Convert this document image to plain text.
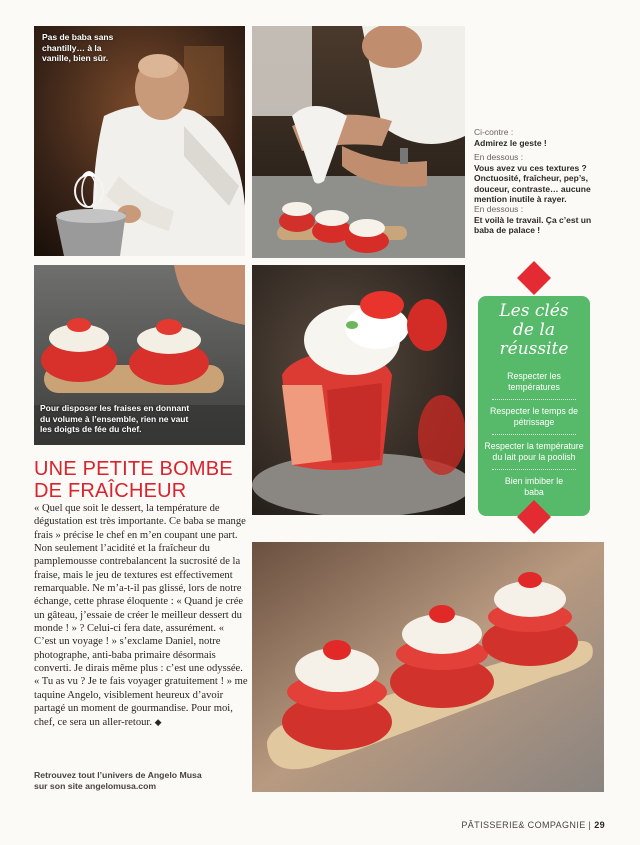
Pas de baba sans chantilly… à la vanille, bien sûr.
Ci-contre :
Admirez le geste !
En dessous :
Vous avez vu ces textures ? Onctuosité, fraîcheur, pep’s, douceur, contraste… aucune mention inutile à rayer.
En dessous :
Et voilà le travail. Ça c’est un baba de palace !
Pour disposer les fraises en donnant du volume à l’ensemble, rien ne vaut les doigts de fée du chef.
Les clés
de la réussite
Respecter les températures
Respecter le temps de pétrissage
Respecter la température du lait pour la poolish
Bien imbiber le baba
UNE PETITE BOMBE
DE FRAÎCHEUR
« Quel que soit le dessert, la température de dégustation est très importante. Ce baba se mange frais » précise le chef en m’en coupant une part. Non seulement l’acidité et la fraîcheur du pamplemousse contrebalancent la sucrosité de la fraise, mais le jeu de textures est effectivement remarquable. Ne m’a-t-il pas glissé, lors de notre échange, cette phrase éloquente : « Quand je crée un gâteau, j’essaie de créer le meilleur dessert du monde ! » ? Celui-ci fera date, assurément. « C’est un voyage ! » s’exclame Daniel, notre photographe, anti-baba primaire désormais converti. Je dirais même plus : c’est une odyssée. « Tu as vu ? Je te fais voyager gratuitement ! » me taquine Angelo, visiblement heureux d’avoir partagé un moment de gourmandise. Pour moi, chef, ce sera un aller-retour. ◆
Retrouvez tout l’univers de Angelo Musa
sur son site angelomusa.com
PÂTISSERIE& COMPAGNIE | 29
